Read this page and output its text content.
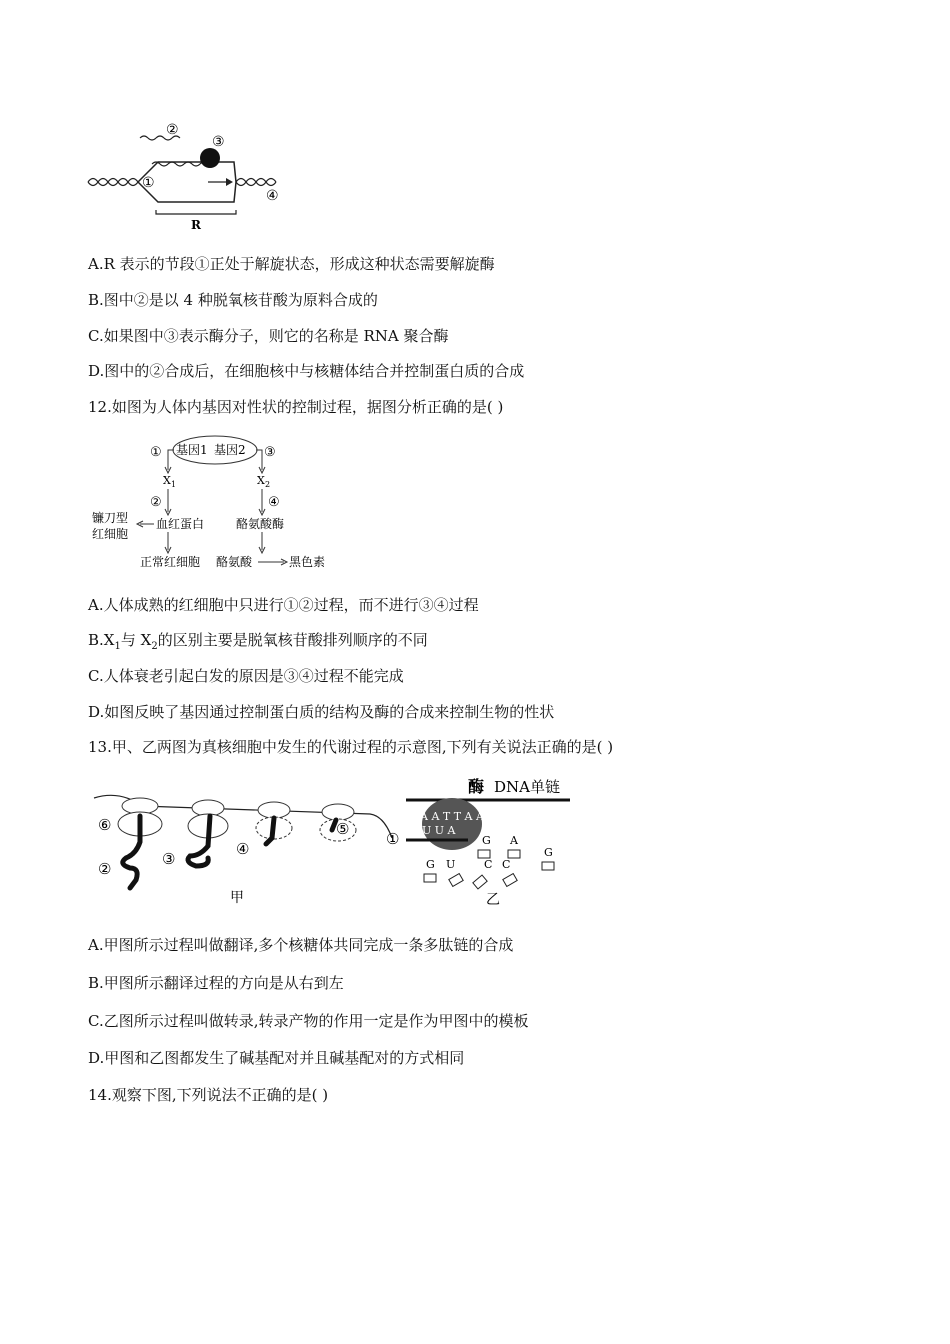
②
③
①
④
R
A.R 表示的节段①正处于解旋状态，形成这种状态需要解旋酶
B.图中②是以 4 种脱氧核苷酸为原料合成的
C.如果图中③表示酶分子，则它的名称是 RNA 聚合酶
D.图中的②合成后，在细胞核中与核糖体结合并控制蛋白质的合成
12.如图为人体内基因对性状的控制过程，据图分析正确的是( )
① 基因1 基因2 ③
X 1
②
血红蛋白
镰刀型
红细胞
正常红细胞
X 2
④
酪氨酸酶
酪氨酸	黑色素
A.人体成熟的红细胞中只进行①②过程，而不进行③④过程
$B.X_1$与 $X_2$的区别主要是脱氧核苷酸排列顺序的不同
C.人体衰老引起白发的原因是③④过程不能完成
D.如图反映了基因通过控制蛋白质的结构及酶的合成来控制生物的性状
13.甲、乙两图为真核细胞中发生的代谢过程的示意图,下列有关说法正确的是( )
⑥
②
③
④
⑤
①
甲
酶 DNA单链
A A T T A A T A G
U U A
G A
G U	C C
G
乙
A.甲图所示过程叫做翻译,多个核糖体共同完成一条多肽链的合成
B.甲图所示翻译过程的方向是从右到左
C.乙图所示过程叫做转录,转录产物的作用一定是作为甲图中的模板
D.甲图和乙图都发生了碱基配对并且碱基配对的方式相同
14.观察下图,下列说法不正确的是( )
